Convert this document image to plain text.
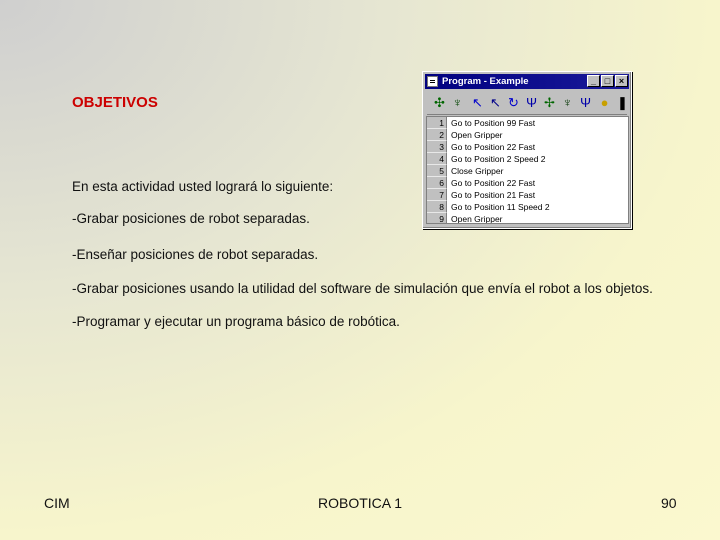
OBJETIVOS
En esta actividad usted logrará lo siguiente:
-Grabar posiciones de robot separadas.
-Enseñar posiciones de robot separadas.
-Grabar posiciones usando la utilidad del software de simulación que envía el robot a los objetos.
-Programar y ejecutar un programa básico de robótica.
Program - Example	_ □ ×
✣ ♆ ↖ ↖ ↻ Ψ ✢ ♆ Ψ ● ❚
1 Go to Position 99 Fast
2 Open Gripper
3 Go to Position 22 Fast
4 Go to Position 2 Speed 2
5 Close Gripper
6 Go to Position 22 Fast
7 Go to Position 21 Fast
8 Go to Position 11 Speed 2
9 Open Gripper
CIM	ROBOTICA 1	90
